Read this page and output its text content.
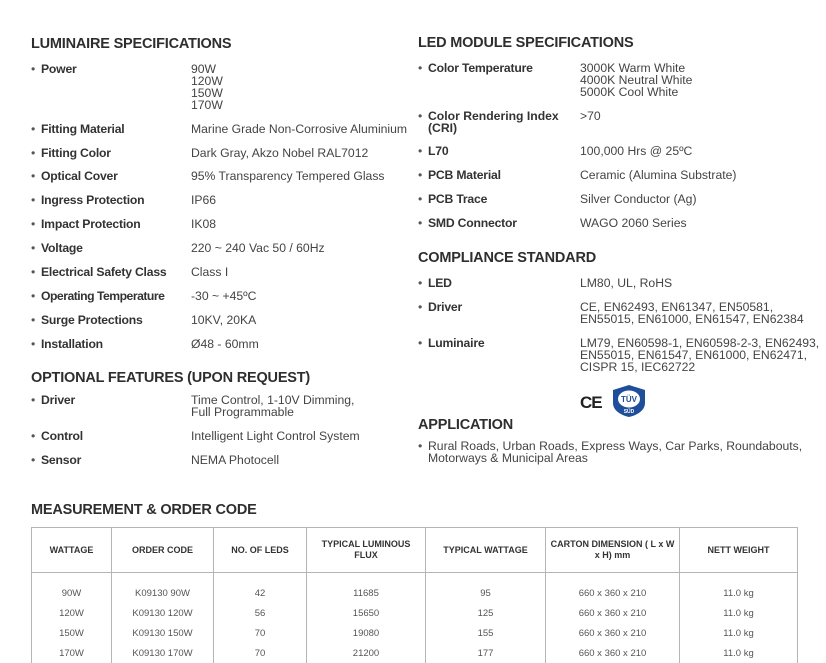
LUMINAIRE SPECIFICATIONS
OPTIONAL FEATURES (UPON REQUEST)
LED MODULE SPECIFICATIONS
COMPLIANCE STANDARD
APPLICATION
MEASUREMENT & ORDER CODE
• Power	90W
120W
150W
170W
• Fitting Material	Marine Grade Non-Corrosive Aluminium
• Fitting Color	Dark Gray, Akzo Nobel RAL7012
• Optical Cover	95% Transparency Tempered Glass
• Ingress Protection	IP66
• Impact Protection	IK08
• Voltage	220 ~ 240 Vac 50 / 60Hz
• Electrical Safety Class Class I
• Operating Temperature -30 ~ +45ºC
• Surge Protections	10KV, 20KA
• Installation	Ø48 - 60mm
• Driver	Time Control, 1-10V Dimming,
Full Programmable
• Control	Intelligent Light Control System
• Sensor	NEMA Photocell
• Color Temperature	3000K Warm White
4000K Neutral White
5000K Cool White
• Color Rendering Index (CRI)
>70
• L70	100,000 Hrs @ 25ºC
• PCB Material	Ceramic (Alumina Substrate)
• PCB Trace	Silver Conductor (Ag)
• SMD Connector	WAGO 2060 Series
• LED	LM80, UL, RoHS
• Driver	CE, EN62493, EN61347, EN50581,
EN55015, EN61000, EN61547, EN62384
• Luminaire	LM79, EN60598-1, EN60598-2-3, EN62493,
EN55015, EN61547, EN61000, EN62471,
CISPR 15, IEC62722
CE TÜV
SÜD
• Rural Roads, Urban Roads, Express Ways, Car Parks, Roundabouts,
Motorways & Municipal Areas
WATTAGE	ORDER CODE	NO. OF LEDS	TYPICAL LUMINOUS FLUX	TYPICAL WATTAGE	CARTON DIMENSION ( L x W x H) mm	NETT WEIGHT

90W	K09130 90W	42	11685	95	660 x 360 x 210	11.0 kg
120W	K09130 120W	56	15650	125	660 x 360 x 210	11.0 kg
150W	K09130 150W	70	19080	155	660 x 360 x 210	11.0 kg
170W	K09130 170W	70	21200	177	660 x 360 x 210	11.0 kg
